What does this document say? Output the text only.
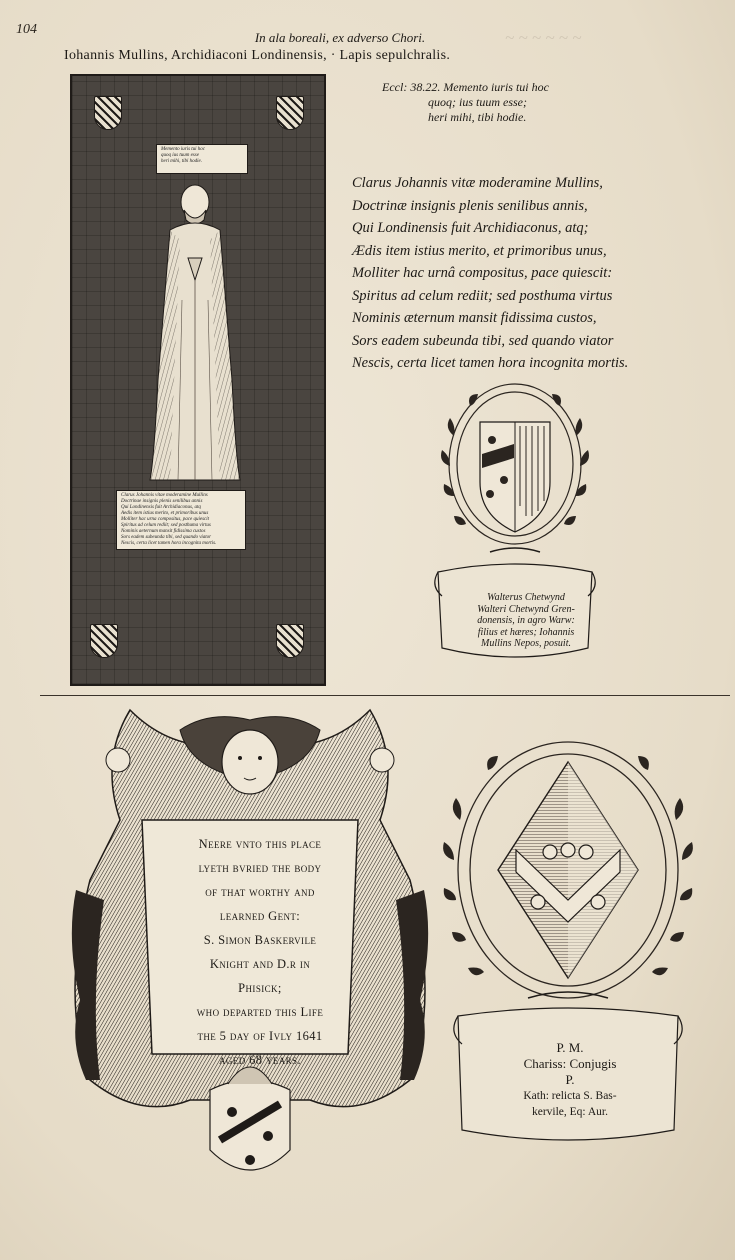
~ ~ ~ ~ ~ ~
104
In ala boreali, ex adverso Chori.
Iohannis Mullins, Archidiaconi Londinensis, · Lapis sepulchralis.
Eccl: 38.22. Memento iuris tui hoc
quoq; ius tuum esse;
heri mihi, tibi hodie.
Memento iuris tui hoc
quoq ius tuum esse
heri mihi, tibi hodie.
Clarus Johannis vitae moderamine Mullins
Doctrinae insignis plenis senilibus annis
Qui Londinensis fuit Archidiaconus, atq
Aedis item istius merito, et primoribus unus
Molliter hac urna compositus, pace quiescit
Spiritus ad celum rediit; sed posthuma virtus
Nominis aeternum mansit fidissima custos
Sors eadem subeunda tibi, sed quando viator
Nescis, certa licet tamen hora incognita mortis.
Clarus Johannis vitæ moderamine Mullins,
Doctrinæ insignis plenis senilibus annis,
Qui Londinensis fuit Archidiaconus, atq;
Ædis item istius merito, et primoribus unus,
Molliter hac urnâ compositus, pace quiescit:
Spiritus ad celum rediit; sed posthuma virtus
Nominis æternum mansit fidissima custos,
Sors eadem subeunda tibi, sed quando viator
Nescis, certa licet tamen hora incognita mortis.
Walterus Chetwynd
Walteri Chetwynd Gren-
donensis, in agro Warw:
filius et hæres; Iohannis
Mullins Nepos, posuit.
Neere vnto this place
lyeth bvried the body
of that worthy and
learned Gent:
S. Simon Baskervile
Knight and D.r in
Phisick;
who departed this Life
the 5 day of Ivly 1641
aged 68 years.
P. M.
Chariss: Conjugis
P.
Kath: relicta S. Bas-
kervile, Eq: Aur.
